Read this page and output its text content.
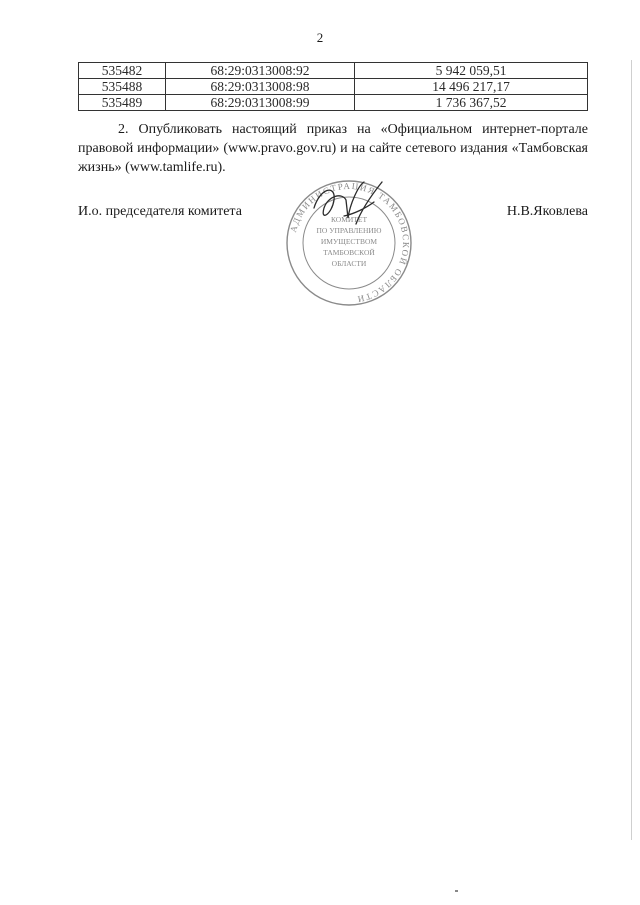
2
535482	68:29:0313008:92	5 942 059,51
535488	68:29:0313008:98	14 496 217,17
535489	68:29:0313008:99	1 736 367,52
2. Опубликовать настоящий приказ на «Официальном интернет-портале правовой информации» (www.pravo.gov.ru) и на сайте сетевого издания «Тамбовская жизнь» (www.tamlife.ru).
И.о. председателя комитета	Н.В.Яковлева
АДМИНИСТРАЦИЯ ТАМБОВСКОЙ ОБЛАСТИ
КОМИТЕТ
ПО УПРАВЛЕНИЮ
ИМУЩЕСТВОМ
ТАМБОВСКОЙ
ОБЛАСТИ
